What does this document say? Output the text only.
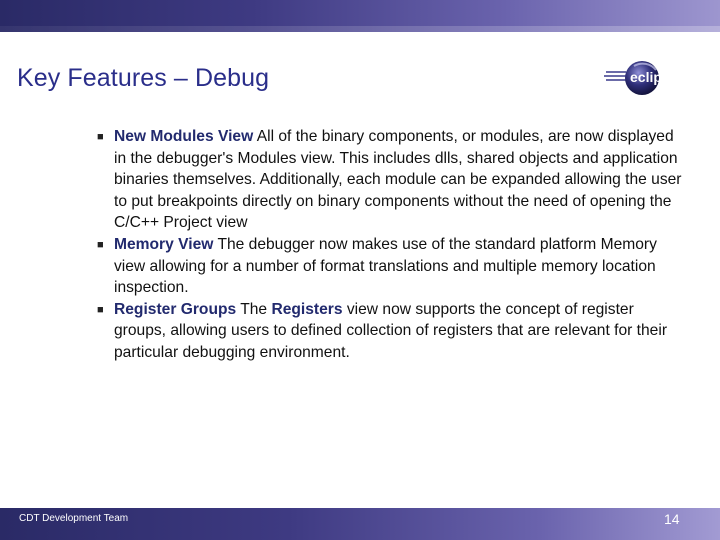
Key Features – Debug	eclipse
■ New Modules View All of the binary components, or modules, are now displayed in the debugger's Modules view. This includes dlls, shared objects and application binaries themselves. Additionally, each module can be expanded allowing the user to put breakpoints directly on binary components without the need of opening the C/C++ Project view
■ Memory View The debugger now makes use of the standard platform Memory view allowing for a number of format translations and multiple memory location inspection.
■ Register Groups The Registers view now supports the concept of register groups, allowing users to defined collection of registers that are relevant for their particular debugging environment.
CDT Development Team	14
